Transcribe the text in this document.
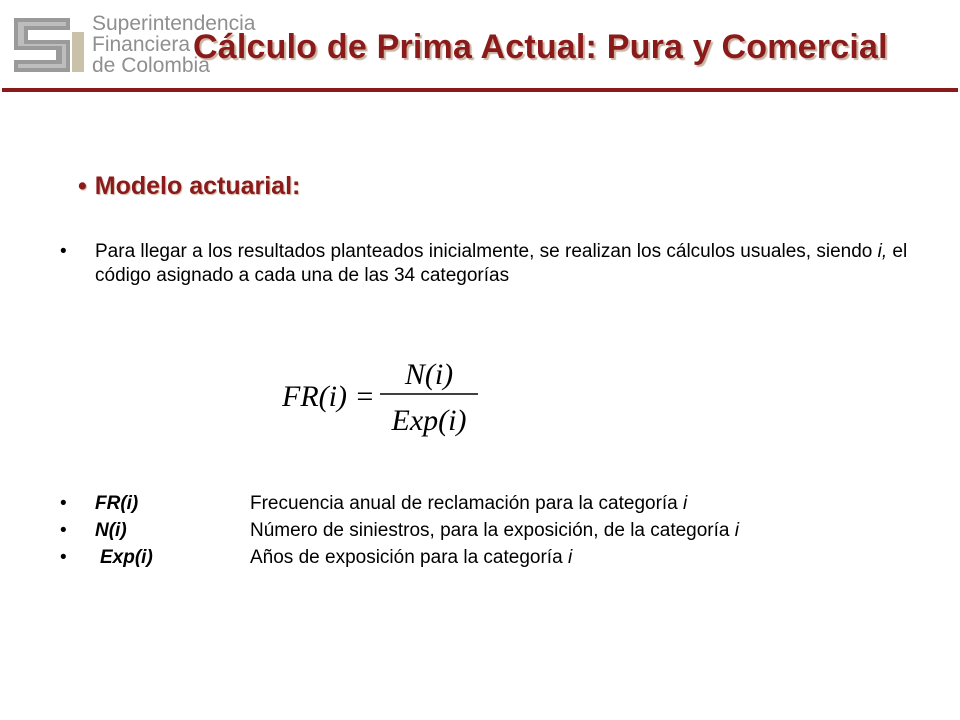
Superintendencia
Financiera
de Colombia
Cálculo de Prima Actual: Pura y Comercial
• Modelo actuarial:
• Para llegar a los resultados planteados inicialmente, se realizan los cálculos usuales, siendo i, el código asignado a cada una de las 34 categorías
FR(i) =
N(i)
Exp(i)
• FR(i)	Frecuencia anual de reclamación para la categoría i
• N(i)	Número de siniestros, para la exposición, de la categoría i
• Exp(i)	Años de exposición para la categoría i
